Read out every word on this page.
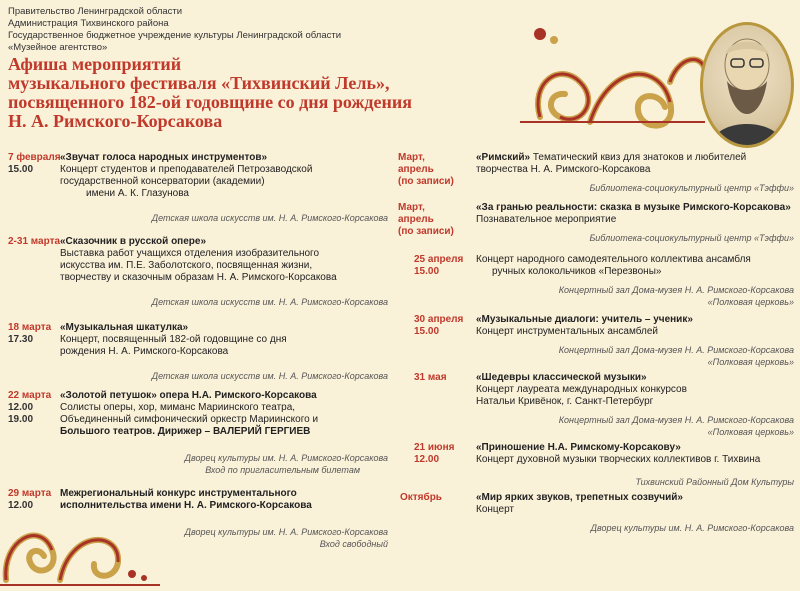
Правительство Ленинградской области
Администрация Тихвинского района
Государственное бюджетное учреждение культуры Ленинградской области
«Музейное агентство»
Афиша мероприятий
музыкального фестиваля «Тихвинский Лель»,
посвященного 182-ой годовщине со дня рождения
Н. А. Римского-Корсакова
7 февраля
15.00
«Звучат голоса народных инструментов»
Концерт студентов и преподавателей Петрозаводской
государственной консерватории (академии)
имени А. К. Глазунова
Детская школа искусств им. Н. А. Римского-Корсакова
2-31 марта «Сказочник в русской опере»
Выставка работ учащихся отделения изобразительного
искусства им. П.Е. Заболотского, посвященная жизни,
творчеству и сказочным образам Н. А. Римского-Корсакова
Детская школа искусств им. Н. А. Римского-Корсакова
18 марта
17.30
«Музыкальная шкатулка»
Концерт, посвященный 182-ой годовщине со дня
рождения Н. А. Римского-Корсакова
Детская школа искусств им. Н. А. Римского-Корсакова
22 марта
12.00
19.00
«Золотой петушок» опера Н.А. Римского-Корсакова
Солисты оперы, хор, миманс Мариинского театра,
Объединенный симфонический оркестр Мариинского и
Большого театров. Дирижер – ВАЛЕРИЙ ГЕРГИЕВ
Дворец культуры им. Н. А. Римского-Корсакова
Вход по пригласительным билетам
29 марта
12.00
Межрегиональный конкурс инструментального
исполнительства имени Н. А. Римского-Корсакова
Дворец культуры им. Н. А. Римского-Корсакова
Вход свободный
Март,
апрель
(по записи)
«Римский» Тематический квиз для знатоков и любителей
творчества Н. А. Римского-Корсакова
Библиотека-социокультурный центр «Тэффи»
Март,
апрель
(по записи)
«За гранью реальности: сказка в музыке Римского-Корсакова»
Познавательное мероприятие
Библиотека-социокультурный центр «Тэффи»
25 апреля
15.00
Концерт народного самодеятельного коллектива ансамбля
ручных колокольчиков «Перезвоны»
Концертный зал Дома-музея Н. А. Римского-Корсакова
«Полковая церковь»
30 апреля
15.00
«Музыкальные диалоги: учитель – ученик»
Концерт инструментальных ансамблей
Концертный зал Дома-музея Н. А. Римского-Корсакова
«Полковая церковь»
31 мая	«Шедевры классической музыки»
Концерт лауреата международных конкурсов
Натальи Кривёнок, г. Санкт-Петербург
Концертный зал Дома-музея Н. А. Римского-Корсакова
«Полковая церковь»
21 июня
12.00
«Приношение Н.А. Римскому-Корсакову»
Концерт духовной музыки творческих коллективов г. Тихвина
Тихвинский Районный Дом Культуры
Октябрь	«Мир ярких звуков, трепетных созвучий»
Концерт
Дворец культуры им. Н. А. Римского-Корсакова
